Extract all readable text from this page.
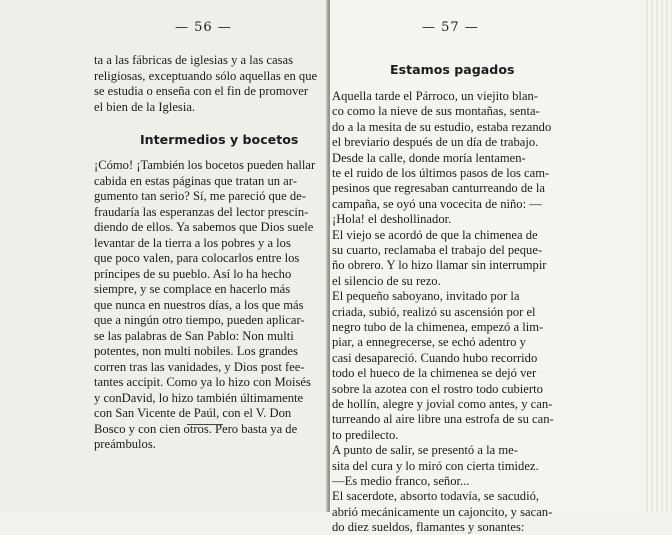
— 56 —
ta a las fábricas de iglesias y a las casas
religiosas, exceptuando sólo aquellas en que
se estudia o enseña con el fin de promover
el bien de la Iglesia.
Intermedios y bocetos
¡Cómo! ¡También los bocetos pueden hallar
cabida en estas páginas que tratan un ar-
gumento tan serio? Sí, me pareció que de-
fraudaría las esperanzas del lector prescin-
diendo de ellos. Ya sabemos que Dios suele
levantar de la tierra a los pobres y a los
que poco valen, para colocarlos entre los
príncipes de su pueblo. Así lo ha hecho
siempre, y se complace en hacerlo más
que nunca en nuestros días, a los que más
que a ningún otro tiempo, pueden aplicar-
se las palabras de San Pablo: Non multi
potentes, non multi nobiles. Los grandes
corren tras las vanidades, y Dios post fee-
tantes accipit. Como ya lo hizo con Moisés
y conDavid, lo hizo también últimamente
con San Vicente de Paúl, con el V. Don
Bosco y con cien otros. Pero basta ya de
preámbulos.
— 57 —
Estamos pagados
Aquella tarde el Párroco, un viejito blan-
co como la nieve de sus montañas, senta-
do a la mesita de su estudio, estaba rezando
el breviario después de un día de trabajo.
Desde la calle, donde moría lentamen-
te el ruido de los últimos pasos de los cam-
pesinos que regresaban canturreando de la
campaña, se oyó una vocecita de niño: —
¡Hola! el deshollinador.
El viejo se acordó de que la chimenea de
su cuarto, reclamaba el trabajo del peque-
ño obrero. Y lo hizo llamar sin interrumpir
el silencio de su rezo.
El pequeño saboyano, invitado por la
criada, subió, realizó su ascensión por el
negro tubo de la chimenea, empezó a lim-
piar, a ennegrecerse, se echó adentro y
casi desapareció. Cuando hubo recorrido
todo el hueco de la chimenea se dejó ver
sobre la azotea con el rostro todo cubierto
de hollín, alegre y jovial como antes, y can-
turreando al aire libre una estrofa de su can-
to predilecto.
A punto de salir, se presentó a la me-
sita del cura y lo miró con cierta timidez.
—Es medio franco, señor...
El sacerdote, absorto todavía, se sacudió,
abrió mecánicamente un cajoncito, y sacan-
do diez sueldos, flamantes y sonantes:
